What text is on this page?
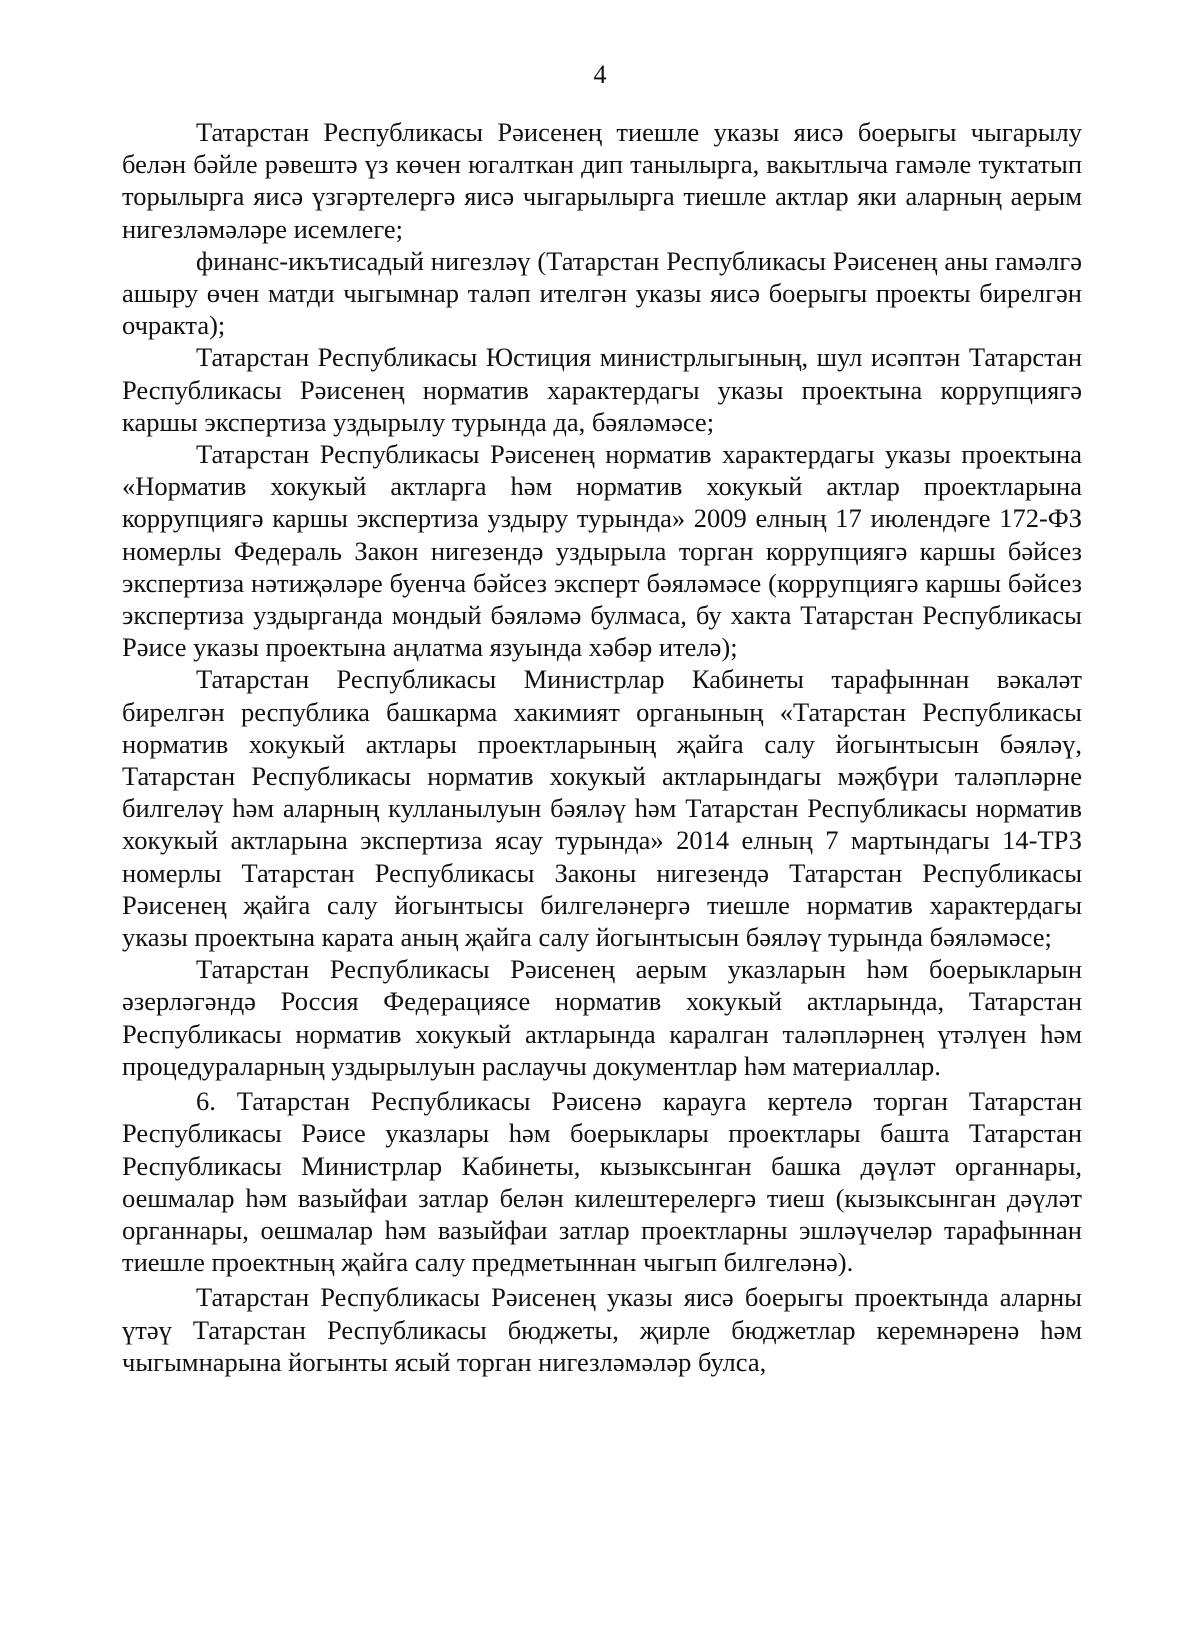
4

Татарстан Республикасы Рәисенең тиешле указы яисә боерыгы чыгарылу белән бәйле рәвештә үз көчен югалткан дип танылырга, вакытлыча гамәле туктатып торылырга яисә үзгәртелергә яисә чыгарылырга тиешле актлар яки аларның аерым нигезләмәләре исемлеге;

финанс-икътисадый нигезләү (Татарстан Республикасы Рәисенең аны гамәлгә ашыру өчен матди чыгымнар таләп ителгән указы яисә боерыгы проекты бирелгән очракта);

Татарстан Республикасы Юстиция министрлыгының, шул исәптән Татарстан Республикасы Рәисенең норматив характердагы указы проектына коррупциягә каршы экспертиза уздырылу турында да, бәяләмәсе;

Татарстан Республикасы Рәисенең норматив характердагы указы проектына «Норматив хокукый актларга һәм норматив хокукый актлар проектларына коррупциягә каршы экспертиза уздыру турында» 2009 елның 17 июлендәге 172-ФЗ номерлы Федераль Закон нигезендә уздырыла торган коррупциягә каршы бәйсез экспертиза нәтиҗәләре буенча бәйсез эксперт бәяләмәсе (коррупциягә каршы бәйсез экспертиза уздырганда мондый бәяләмә булмаса, бу хакта Татарстан Республикасы Рәисе указы проектына аңлатма язуында хәбәр ителә);

Татарстан Республикасы Министрлар Кабинеты тарафыннан вәкаләт бирелгән республика башкарма хакимият органының «Татарстан Республикасы норматив хокукый актлары проектларының җайга салу йогынтысын бәяләү, Татарстан Республикасы норматив хокукый актларындагы мәҗбүри таләпләрне билгеләү һәм аларның кулланылуын бәяләү һәм Татарстан Республикасы норматив хокукый актларына экспертиза ясау турында» 2014 елның 7 мартындагы 14-ТРЗ номерлы Татарстан Республикасы Законы нигезендә Татарстан Республикасы Рәисенең җайга салу йогынтысы билгеләнергә тиешле норматив характердагы указы проектына карата аның җайга салу йогынтысын бәяләү турында бәяләмәсе;

Татарстан Республикасы Рәисенең аерым указларын һәм боерыкларын әзерләгәндә Россия Федерациясе норматив хокукый актларында, Татарстан Республикасы норматив хокукый актларында каралган таләпләрнең үтәлүен һәм процедураларның уздырылуын раслаучы документлар һәм материаллар.

6. Татарстан Республикасы Рәисенә карауга кертелә торган Татарстан Республикасы Рәисе указлары һәм боерыклары проектлары башта Татарстан Республикасы Министрлар Кабинеты, кызыксынган башка дәүләт органнары, оешмалар һәм вазыйфаи затлар белән килештерелергә тиеш (кызыксынган дәүләт органнары, оешмалар һәм вазыйфаи затлар проектларны эшләүчеләр тарафыннан тиешле проектның җайга салу предметыннан чыгып билгеләнә).

Татарстан Республикасы Рәисенең указы яисә боерыгы проектында аларны үтәү Татарстан Республикасы бюджеты, җирле бюджетлар керемнәренә һәм чыгымнарына йогынты ясый торган нигезләмәләр булса,
